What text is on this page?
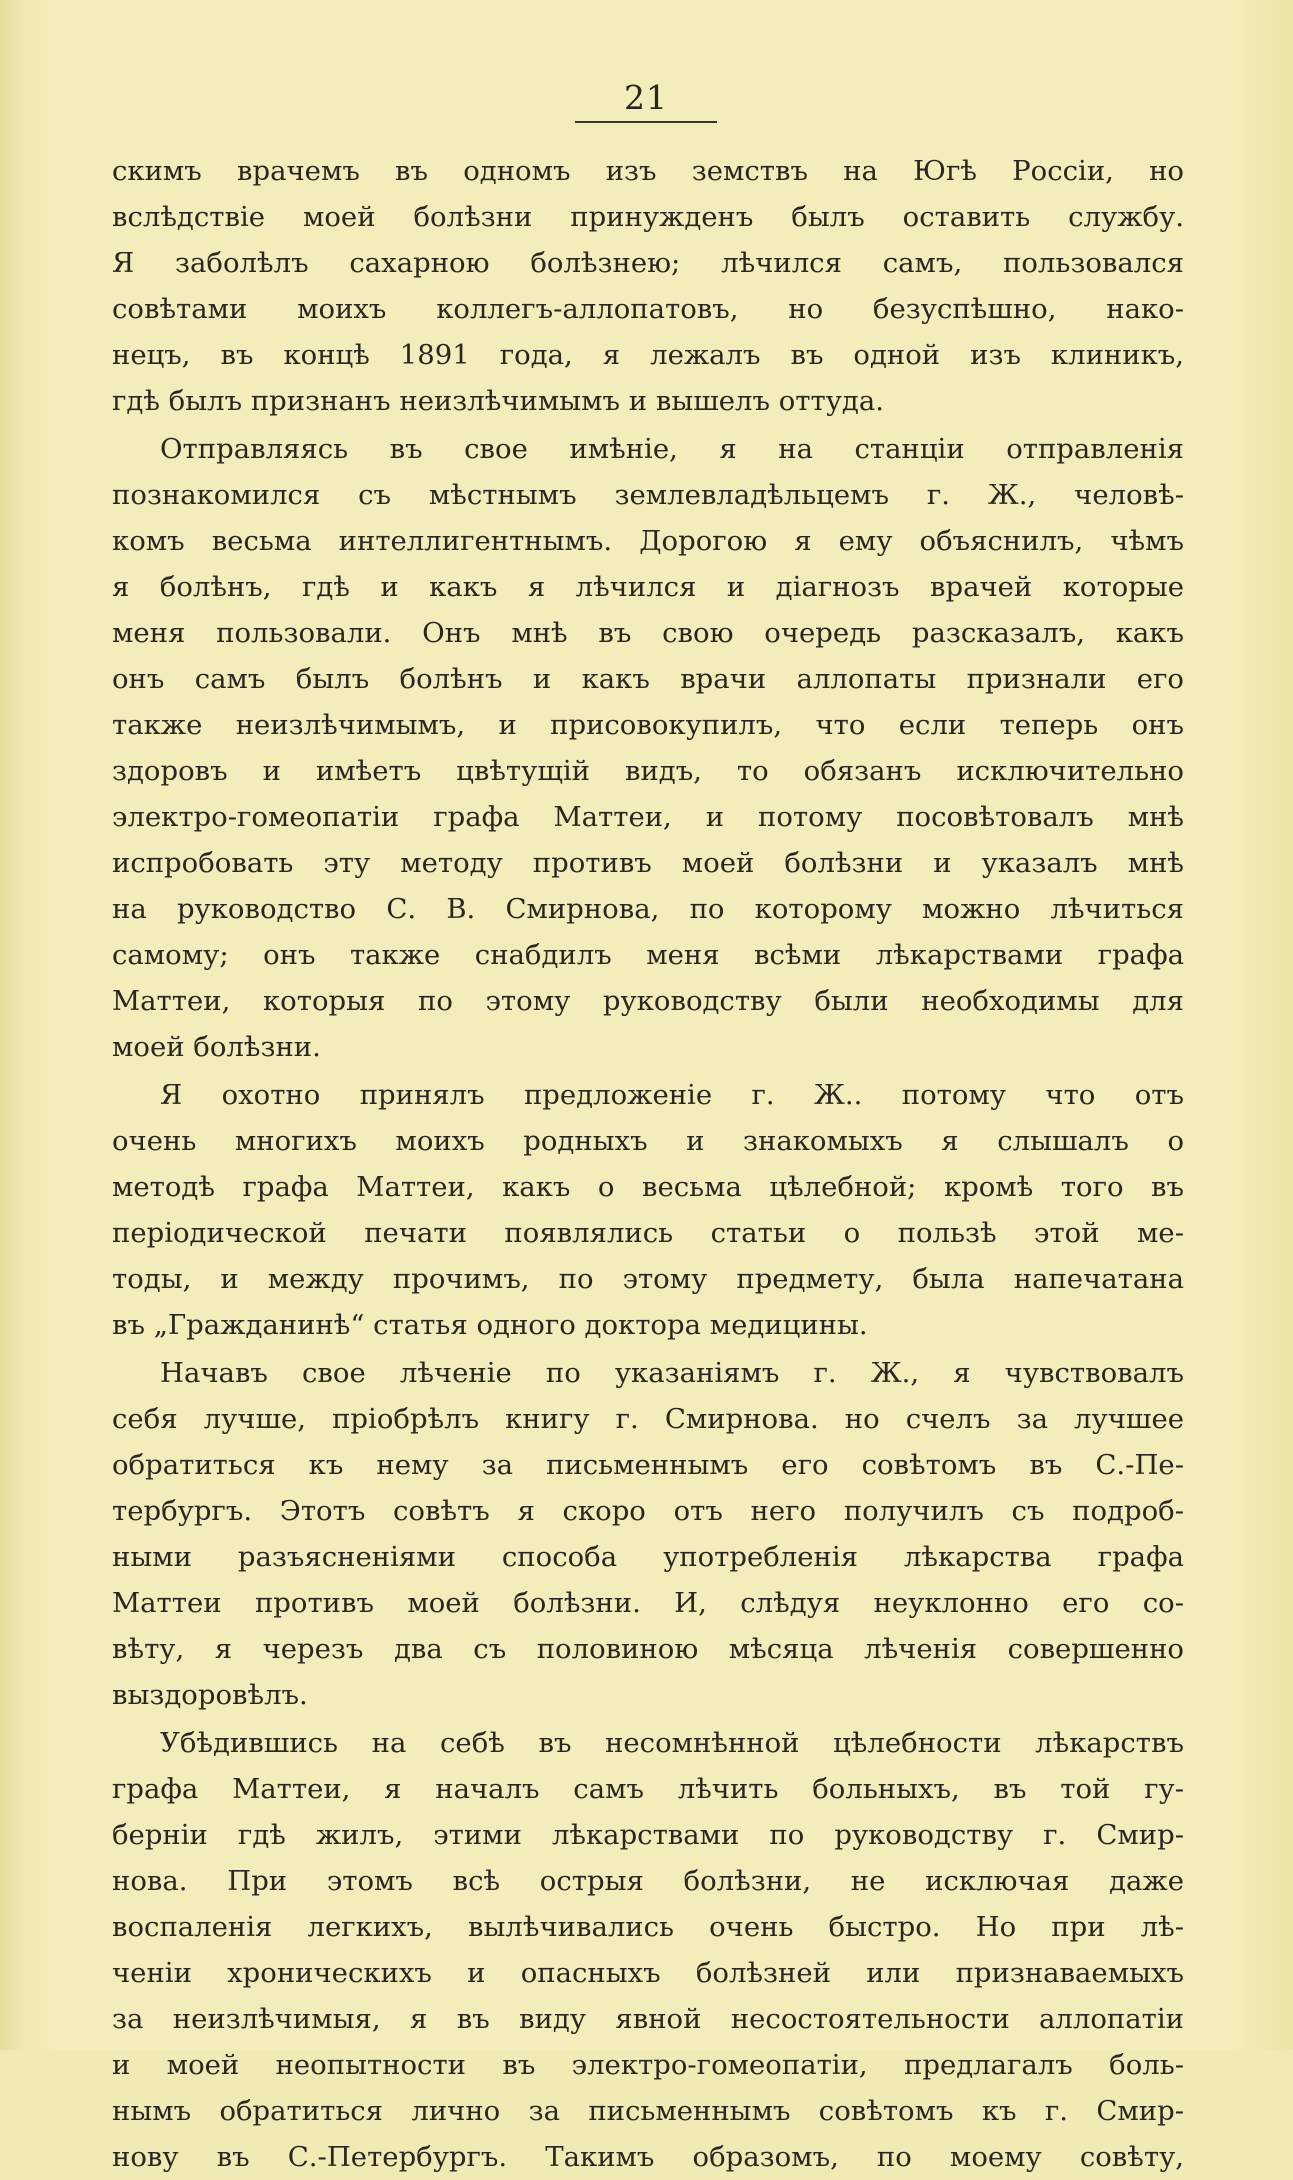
21
скимъ врачемъ въ одномъ изъ земствъ на Югѣ Россіи, но
вслѣдствіе моей болѣзни принужденъ былъ оставить службу.
Я заболѣлъ сахарною болѣзнею; лѣчился самъ, пользовался
совѣтами моихъ коллегъ-аллопатовъ, но безуспѣшно, нако-
нецъ, въ концѣ 1891 года, я лежалъ въ одной изъ клиникъ,
гдѣ былъ признанъ неизлѣчимымъ и вышелъ оттуда.
Отправляясь въ свое имѣніе, я на станціи отправленія
познакомился съ мѣстнымъ землевладѣльцемъ г. Ж., человѣ-
комъ весьма интеллигентнымъ. Дорогою я ему объяснилъ, чѣмъ
я болѣнъ, гдѣ и какъ я лѣчился и діагнозъ врачей которые
меня пользовали. Онъ мнѣ въ свою очередь разсказалъ, какъ
онъ самъ былъ болѣнъ и какъ врачи аллопаты признали его
также неизлѣчимымъ, и присовокупилъ, что если теперь онъ
здоровъ и имѣетъ цвѣтущій видъ, то обязанъ исключительно
электро-гомеопатіи графа Маттеи, и потому посовѣтовалъ мнѣ
испробовать эту методу противъ моей болѣзни и указалъ мнѣ
на руководство С. В. Смирнова, по которому можно лѣчиться
самому; онъ также снабдилъ меня всѣми лѣкарствами графа
Маттеи, которыя по этому руководству были необходимы для
моей болѣзни.
Я охотно принялъ предложеніе г. Ж.. потому что отъ
очень многихъ моихъ родныхъ и знакомыхъ я слышалъ о
методѣ графа Маттеи, какъ о весьма цѣлебной; кромѣ того въ
періодической печати появлялись статьи о пользѣ этой ме-
тоды, и между прочимъ, по этому предмету, была напечатана
въ „Гражданинѣ“ статья одного доктора медицины.
Начавъ свое лѣченіе по указаніямъ г. Ж., я чувствовалъ
себя лучше, пріобрѣлъ книгу г. Смирнова. но счелъ за лучшее
обратиться къ нему за письменнымъ его совѣтомъ въ С.-Пе-
тербургъ. Этотъ совѣтъ я скоро отъ него получилъ съ подроб-
ными разъясненіями способа употребленія лѣкарства графа
Маттеи противъ моей болѣзни. И, слѣдуя неуклонно его со-
вѣту, я черезъ два съ половиною мѣсяца лѣченія совершенно
выздоровѣлъ.
Убѣдившись на себѣ въ несомнѣнной цѣлебности лѣкарствъ
графа Маттеи, я началъ самъ лѣчить больныхъ, въ той гу-
берніи гдѣ жилъ, этими лѣкарствами по руководству г. Смир-
нова. При этомъ всѣ острыя болѣзни, не исключая даже
воспаленія легкихъ, вылѣчивались очень быстро. Но при лѣ-
ченіи хроническихъ и опасныхъ болѣзней или признаваемыхъ
за неизлѣчимыя, я въ виду явной несостоятельности аллопатіи
и моей неопытности въ электро-гомеопатіи, предлагалъ боль-
нымъ обратиться лично за письменнымъ совѣтомъ къ г. Смир-
нову въ С.-Петербургъ. Такимъ образомъ, по моему совѣту,
